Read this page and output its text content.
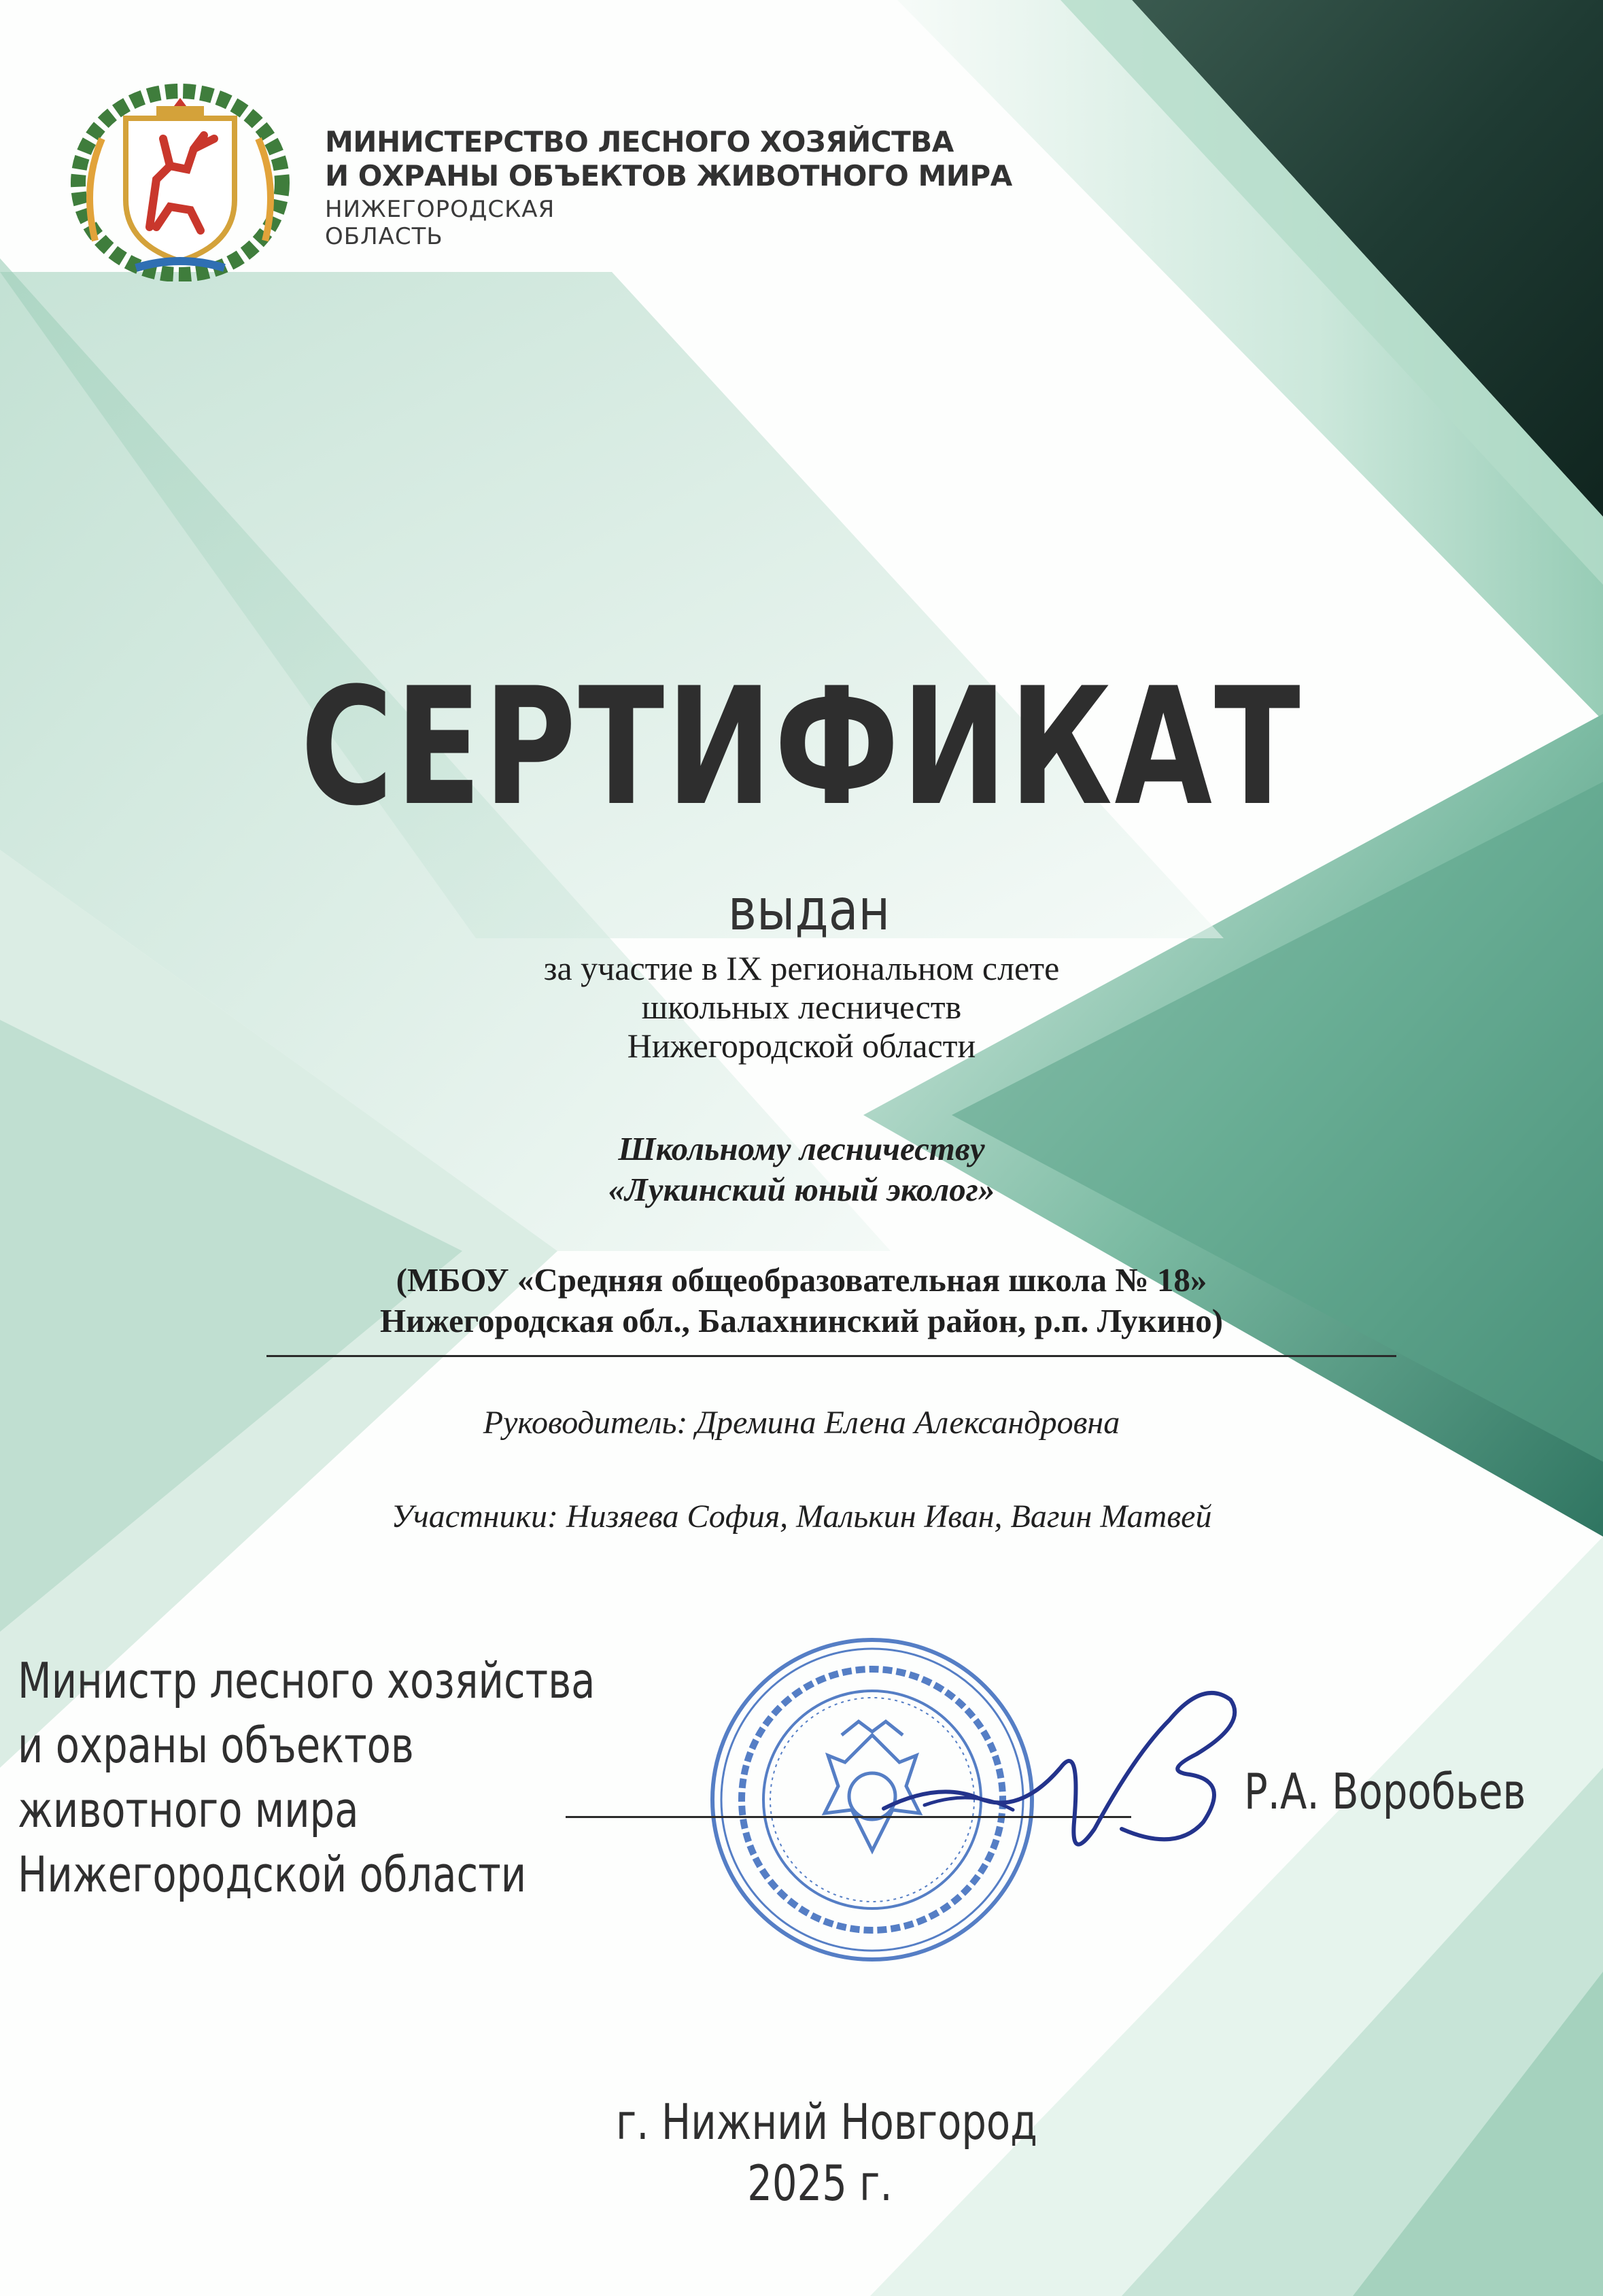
МИНИСТЕРСТВО ЛЕСНОГО ХОЗЯЙСТВА
И ОХРАНЫ ОБЪЕКТОВ ЖИВОТНОГО МИРА

НИЖЕГОРОДСКАЯ
ОБЛАСТЬ

СЕРТИФИКАТ

выдан

за участие в IX региональном слете
школьных лесничеств
Нижегородской области

Школьному лесничеству
«Лукинский юный эколог»

(МБОУ «Средняя общеобразовательная школа № 18»
Нижегородская обл., Балахнинский район, р.п. Лукино)

Руководитель: Дремина Елена Александровна

Участники: Низяева София, Малькин Иван, Вагин Матвей

Министр лесного хозяйства
и охраны объектов
животного мира
Нижегородской области

Р.А. Воробьев

г. Нижний Новгород

2025 г.
